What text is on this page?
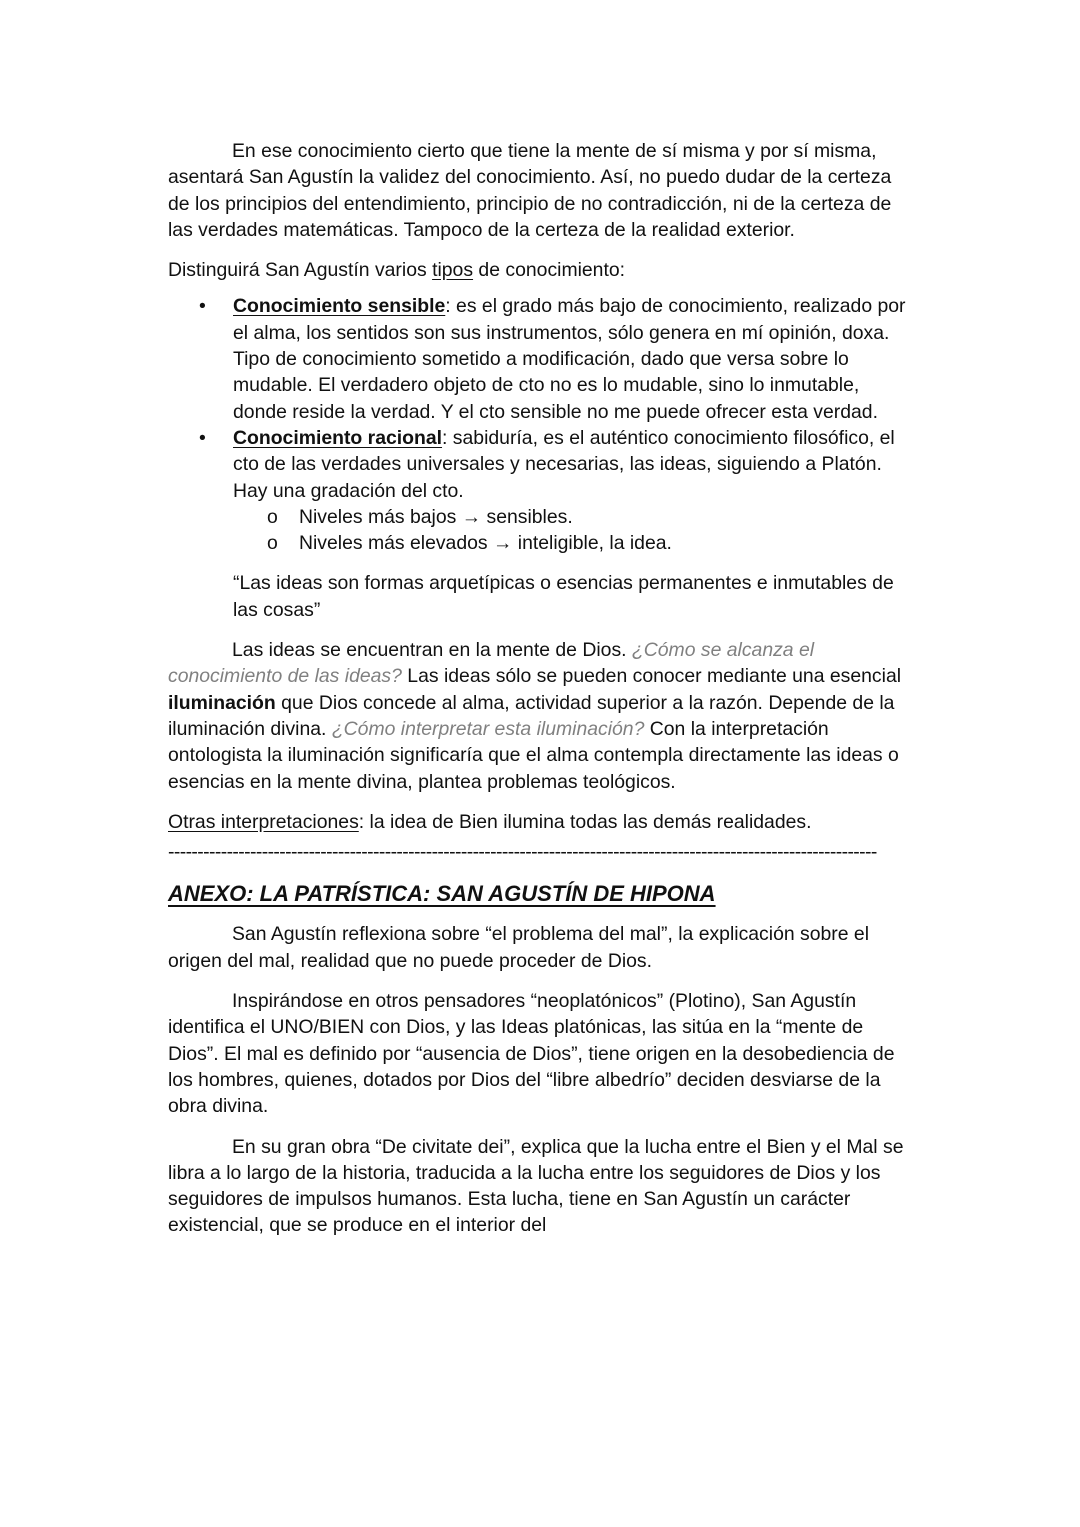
En ese conocimiento cierto que tiene la mente de sí misma y por sí misma, asentará San Agustín la validez del conocimiento. Así, no puedo dudar de la certeza de los principios del entendimiento, principio de no contradicción, ni de la certeza de las verdades matemáticas. Tampoco de la certeza de la realidad exterior.

Distinguirá San Agustín varios tipos de conocimiento:

• Conocimiento sensible: es el grado más bajo de conocimiento, realizado por el alma, los sentidos son sus instrumentos, sólo genera en mí opinión, doxa. Tipo de conocimiento sometido a modificación, dado que versa sobre lo mudable. El verdadero objeto de cto no es lo mudable, sino lo inmutable, donde reside la verdad. Y el cto sensible no me puede ofrecer esta verdad.
• Conocimiento racional: sabiduría, es el auténtico conocimiento filosófico, el cto de las verdades universales y necesarias, las ideas, siguiendo a Platón. Hay una gradación del cto.
o Niveles más bajos → sensibles.
o Niveles más elevados → inteligible, la idea.

“Las ideas son formas arquetípicas o esencias permanentes e inmutables de las cosas”

Las ideas se encuentran en la mente de Dios. ¿Cómo se alcanza el conocimiento de las ideas? Las ideas sólo se pueden conocer mediante una esencial iluminación que Dios concede al alma, actividad superior a la razón. Depende de la iluminación divina. ¿Cómo interpretar esta iluminación? Con la interpretación ontologista la iluminación significaría que el alma contempla directamente las ideas o esencias en la mente divina, plantea problemas teológicos.

Otras interpretaciones: la idea de Bien ilumina todas las demás realidades.

-------------------------------------------------------------------------------------------------------------------------

ANEXO: LA PATRÍSTICA: SAN AGUSTÍN DE HIPONA

San Agustín reflexiona sobre “el problema del mal”, la explicación sobre el origen del mal, realidad que no puede proceder de Dios.

Inspirándose en otros pensadores “neoplatónicos” (Plotino), San Agustín identifica el UNO/BIEN con Dios, y las Ideas platónicas, las sitúa en la “mente de Dios”. El mal es definido por “ausencia de Dios”, tiene origen en la desobediencia de los hombres, quienes, dotados por Dios del “libre albedrío” deciden desviarse de la obra divina.

En su gran obra “De civitate dei”, explica que la lucha entre el Bien y el Mal se libra a lo largo de la historia, traducida a la lucha entre los seguidores de Dios y los seguidores de impulsos humanos. Esta lucha, tiene en San Agustín un carácter existencial, que se produce en el interior del
